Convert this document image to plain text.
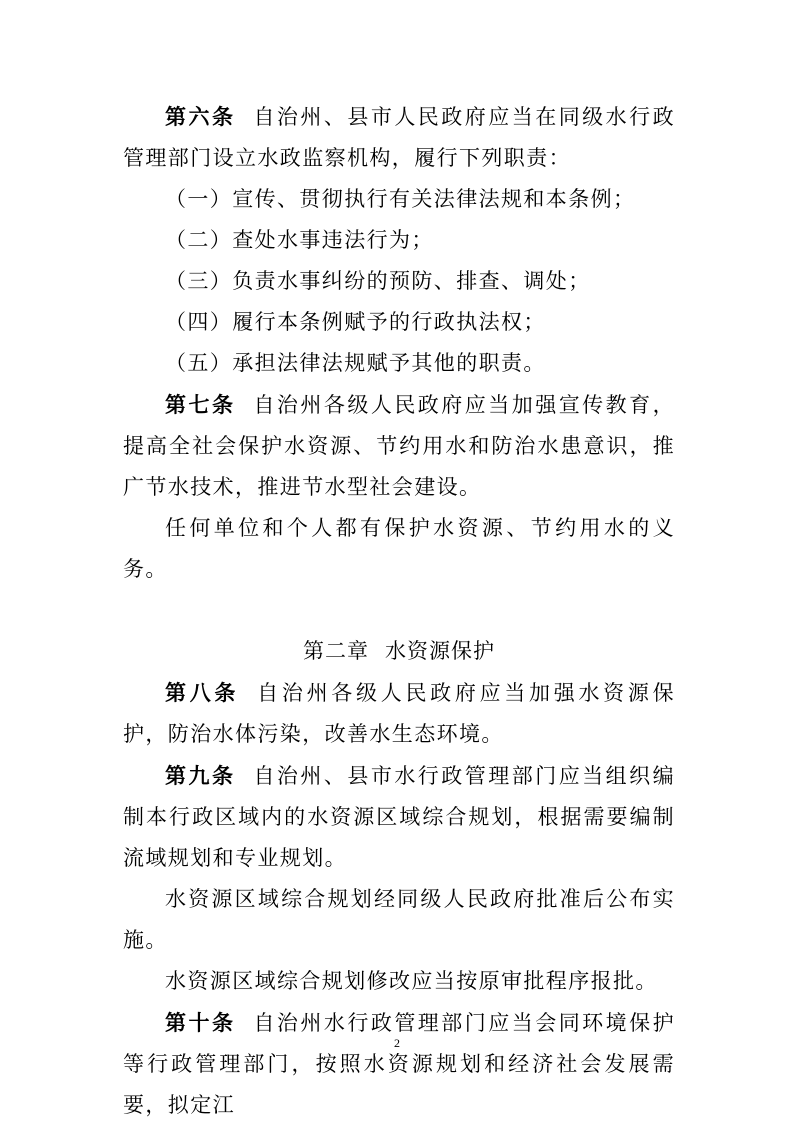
第六条 自治州、县市人民政府应当在同级水行政管理部门设立水政监察机构，履行下列职责：

（一）宣传、贯彻执行有关法律法规和本条例；

（二）查处水事违法行为；

（三）负责水事纠纷的预防、排查、调处；

（四）履行本条例赋予的行政执法权；

（五）承担法律法规赋予其他的职责。

第七条 自治州各级人民政府应当加强宣传教育，提高全社会保护水资源、节约用水和防治水患意识，推广节水技术，推进节水型社会建设。

任何单位和个人都有保护水资源、节约用水的义务。

第二章 水资源保护

第八条 自治州各级人民政府应当加强水资源保护，防治水体污染，改善水生态环境。

第九条 自治州、县市水行政管理部门应当组织编制本行政区域内的水资源区域综合规划，根据需要编制流域规划和专业规划。

水资源区域综合规划经同级人民政府批准后公布实施。

水资源区域综合规划修改应当按原审批程序报批。

第十条 自治州水行政管理部门应当会同环境保护等行政管理部门，按照水资源规划和经济社会发展需要，拟定江

2
